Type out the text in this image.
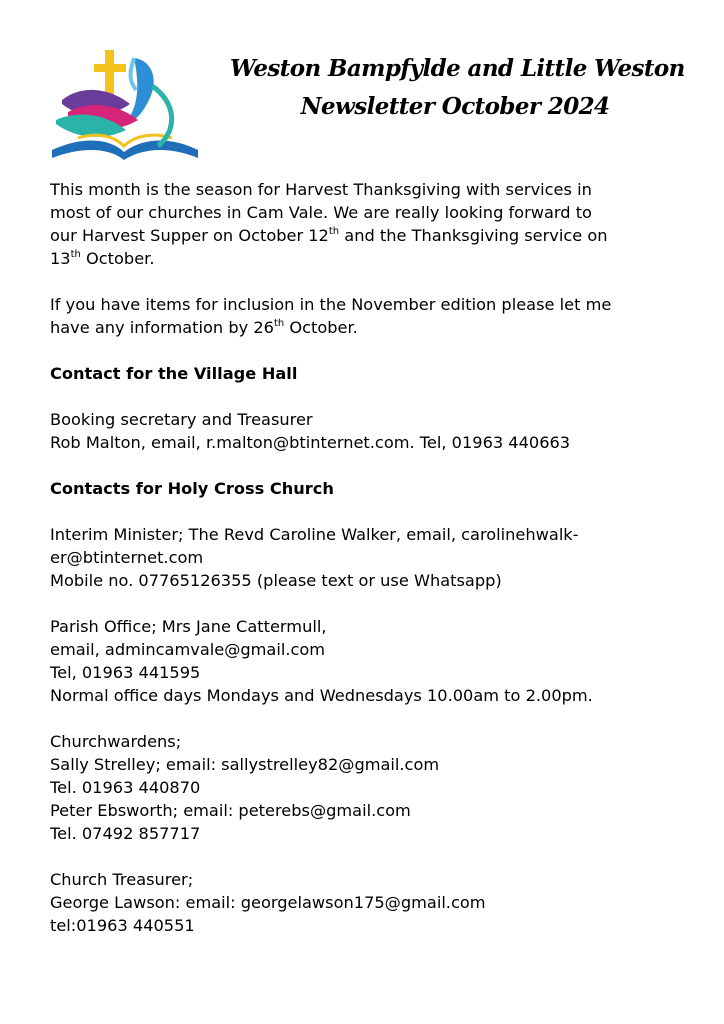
Weston Bampfylde and Little Weston
Newsletter October 2024

This month is the season for Harvest Thanksgiving with services in

most of our churches in Cam Vale. We are really looking forward to

our Harvest Supper on October 12th and the Thanksgiving service on

13th October.

If you have items for inclusion in the November edition please let me

have any information by 26th October.

Contact for the Village Hall

Booking secretary and Treasurer

Rob Malton, email, r.malton@btinternet.com. Tel, 01963 440663

Contacts for Holy Cross Church

Interim Minister; The Revd Caroline Walker, email, carolinehwalk-

er@btinternet.com

Mobile no. 07765126355 (please text or use Whatsapp)

Parish Office; Mrs Jane Cattermull,

email, admincamvale@gmail.com

Tel, 01963 441595

Normal office days Mondays and Wednesdays 10.00am to 2.00pm.

Churchwardens;

Sally Strelley; email: sallystrelley82@gmail.com

Tel. 01963 440870

Peter Ebsworth; email: peterebs@gmail.com

Tel. 07492 857717

Church Treasurer;

George Lawson: email: georgelawson175@gmail.com

tel:01963 440551
